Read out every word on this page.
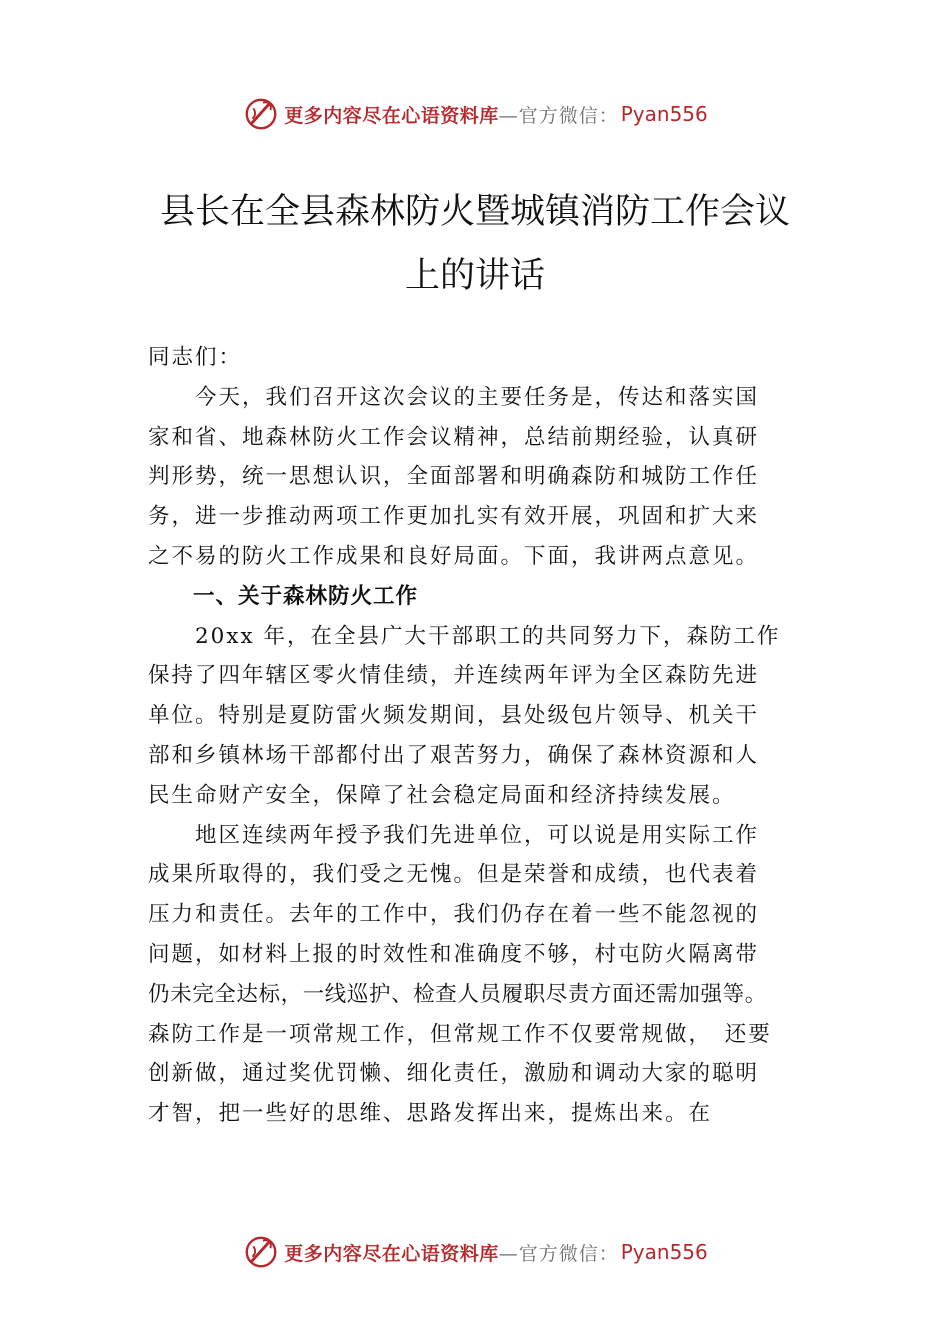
更多内容尽在心语资料库 —官方微信： Pyan556
县长在全县森林防火暨城镇消防工作会议
上的讲话
同志们：
　　今天，我们召开这次会议的主要任务是，传达和落实国
家和省、地森林防火工作会议精神，总结前期经验，认真研
判形势，统一思想认识，全面部署和明确森防和城防工作任
务，进一步推动两项工作更加扎实有效开展，巩固和扩大来
之不易的防火工作成果和良好局面。下面，我讲两点意见。
　　一、关于森林防火工作
　　20xx 年，在全县广大干部职工的共同努力下，森防工作
保持了四年辖区零火情佳绩，并连续两年评为全区森防先进
单位。特别是夏防雷火频发期间，县处级包片领导、机关干
部和乡镇林场干部都付出了艰苦努力，确保了森林资源和人
民生命财产安全，保障了社会稳定局面和经济持续发展。
　　地区连续两年授予我们先进单位，可以说是用实际工作
成果所取得的，我们受之无愧。但是荣誉和成绩，也代表着
压力和责任。去年的工作中，我们仍存在着一些不能忽视的
问题，如材料上报的时效性和准确度不够，村屯防火隔离带
仍未完全达标，一线巡护、检查人员履职尽责方面还需加强等。
森防工作是一项常规工作，但常规工作不仅要常规做，　还要
创新做，通过奖优罚懒、细化责任，激励和调动大家的聪明
才智，把一些好的思维、思路发挥出来，提炼出来。在
更多内容尽在心语资料库 —官方微信： Pyan556
